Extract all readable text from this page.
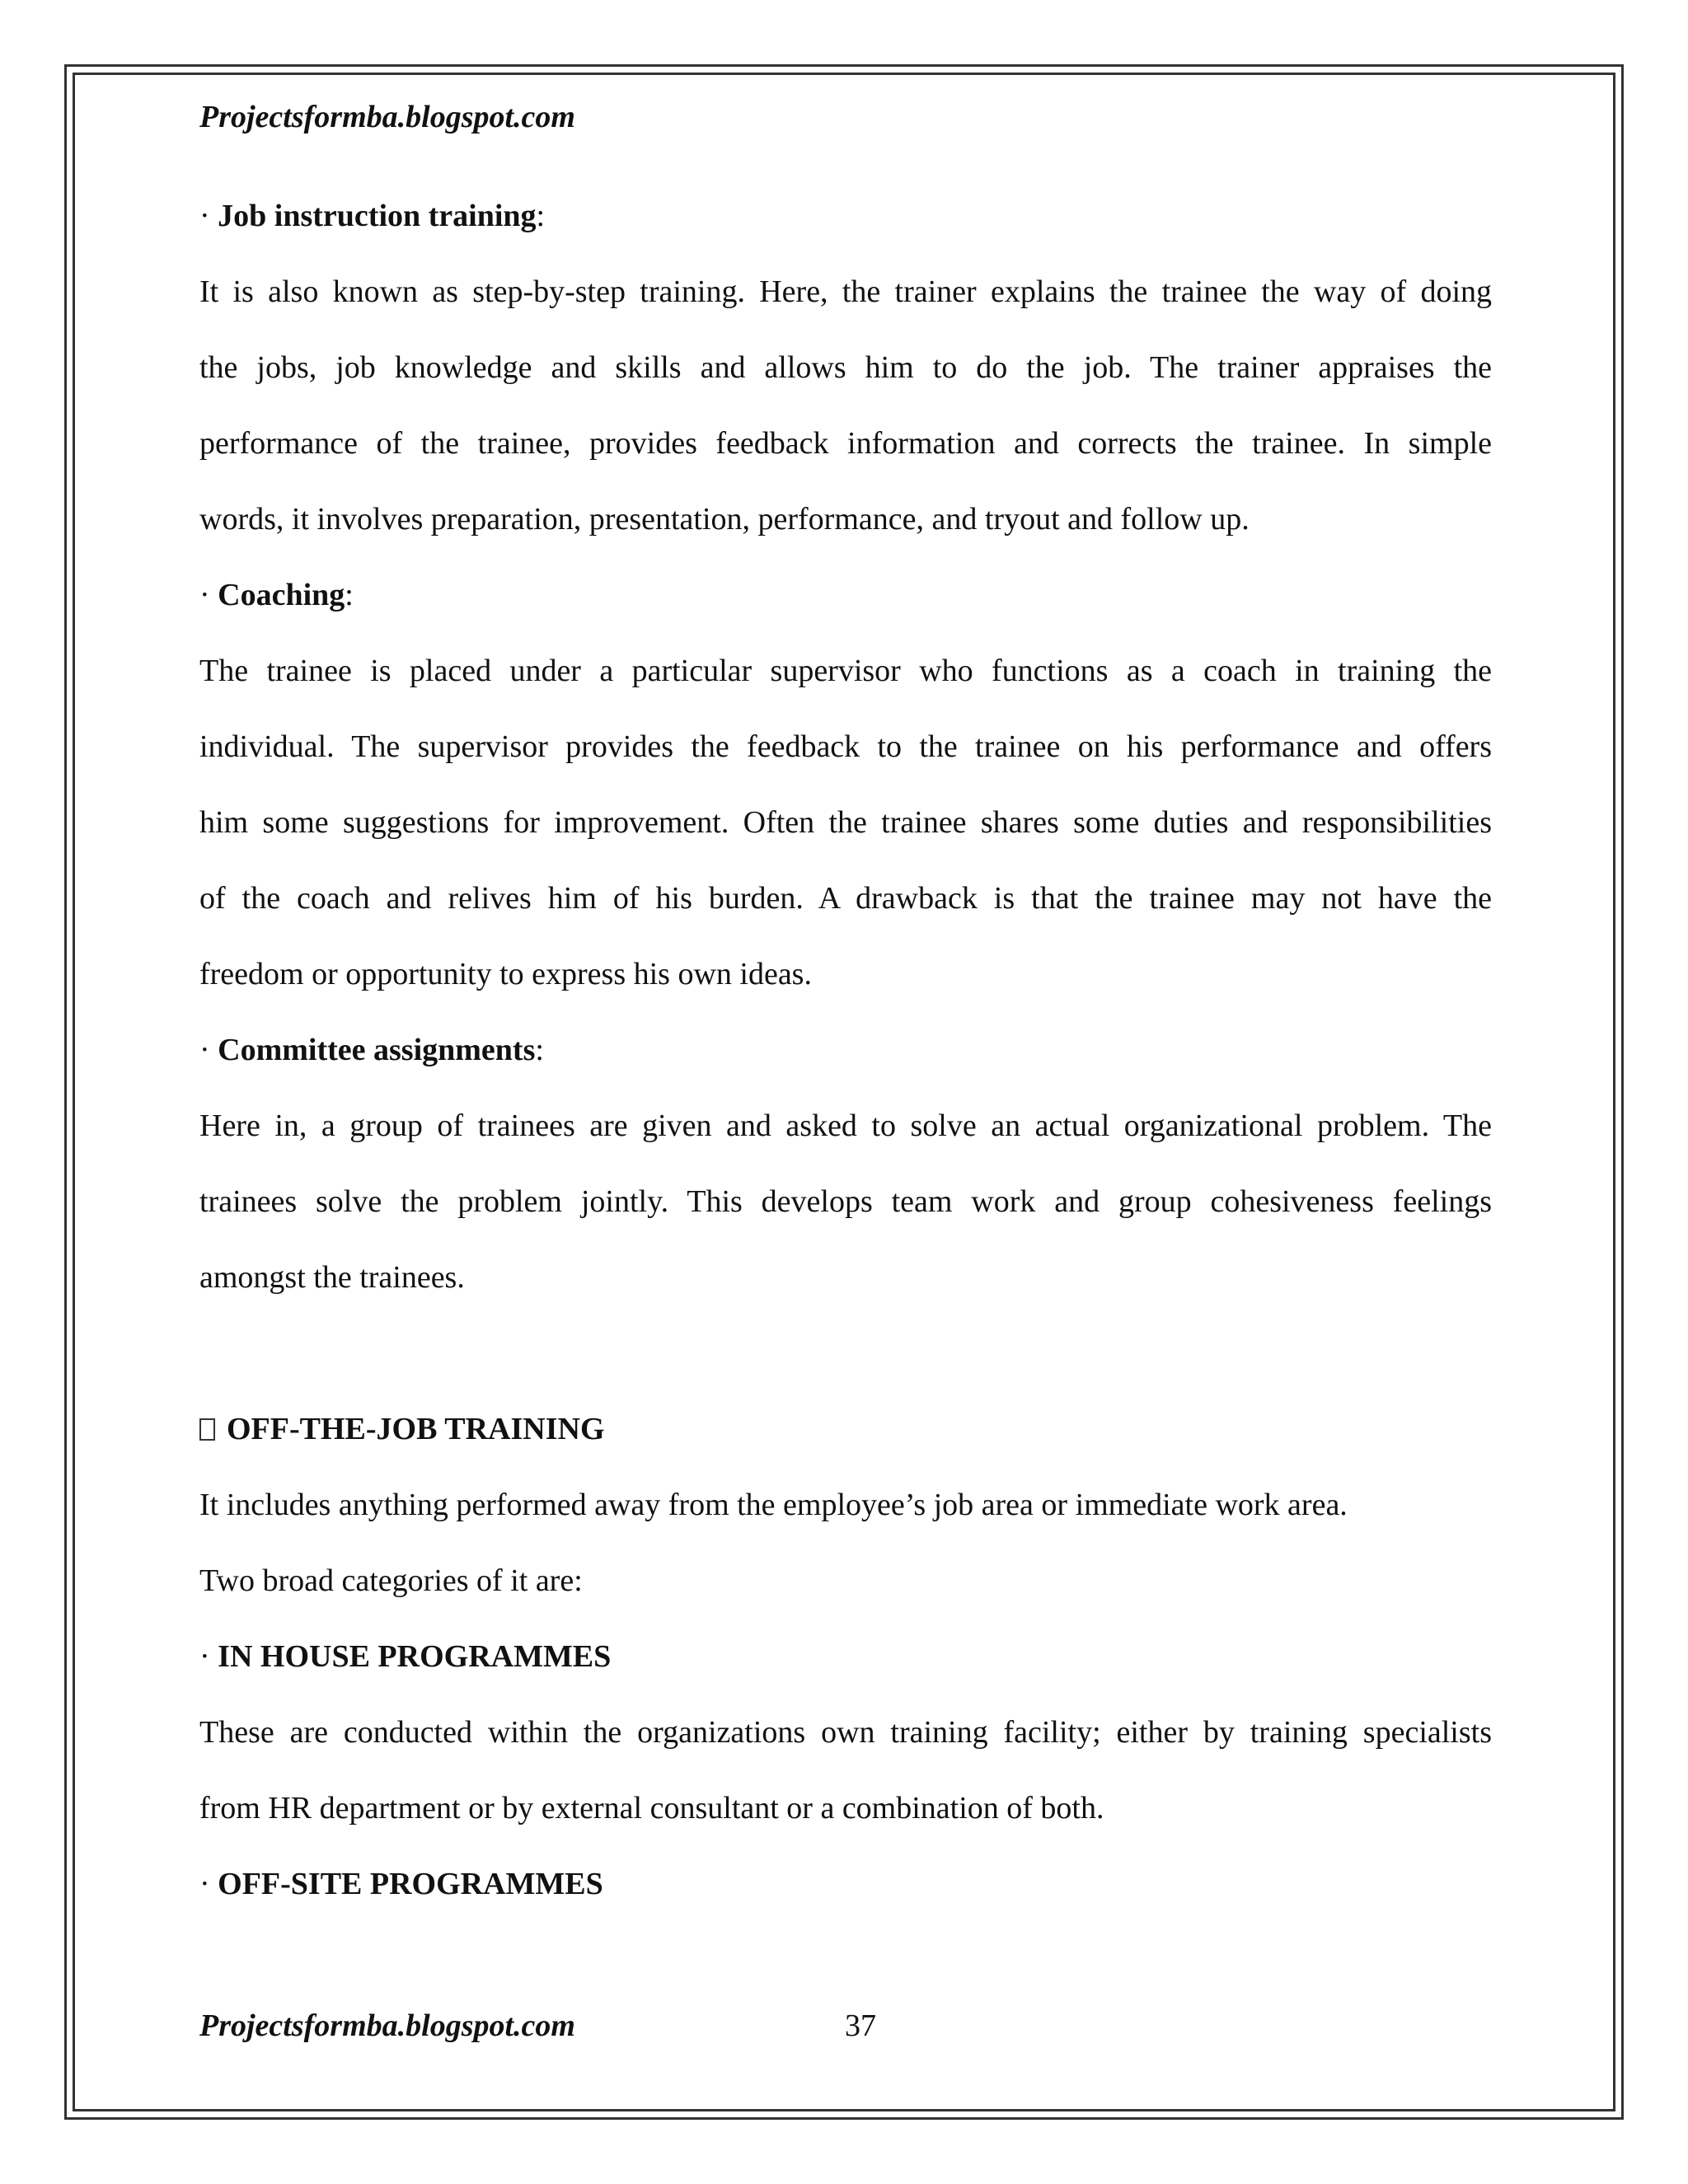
Projectsformba.blogspot.com
· Job instruction training:
It is also known as step-by-step training. Here, the trainer explains the trainee the way of doing
the jobs, job knowledge and skills and allows him to do the job. The trainer appraises the
performance of the trainee, provides feedback information and corrects the trainee. In simple
words, it involves preparation, presentation, performance, and tryout and follow up.
· Coaching:
The trainee is placed under a particular supervisor who functions as a coach in training the
individual. The supervisor provides the feedback to the trainee on his performance and offers
him some suggestions for improvement. Often the trainee shares some duties and responsibilities
of the coach and relives him of his burden. A drawback is that the trainee may not have the
freedom or opportunity to express his own ideas.
· Committee assignments:
Here in, a group of trainees are given and asked to solve an actual organizational problem. The
trainees solve the problem jointly. This develops team work and group cohesiveness feelings
amongst the trainees.
OFF-THE-JOB TRAINING
It includes anything performed away from the employee’s job area or immediate work area.
Two broad categories of it are:
· IN HOUSE PROGRAMMES
These are conducted within the organizations own training facility; either by training specialists
from HR department or by external consultant or a combination of both.
· OFF-SITE PROGRAMMES
Projectsformba.blogspot.com	37
